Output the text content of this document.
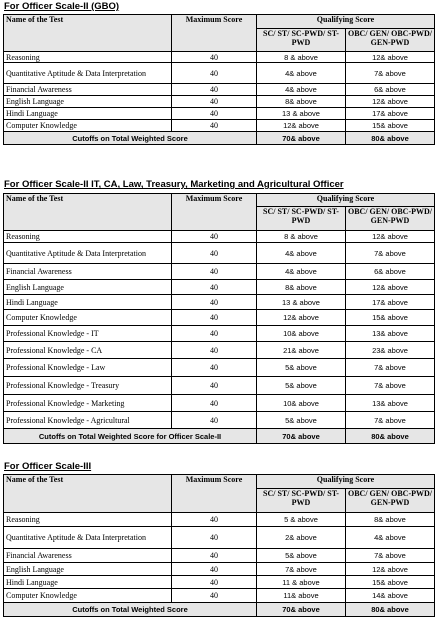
For Officer Scale-II (GBO)
Name of the Test	Maximum Score	Qualifying Score	
		SC/ ST/ SC-PWD/ ST-PWD	OBC/ GEN/ OBC-PWD/ GEN-PWD
Reasoning	40	8 & above	12& above
Quantitative Aptitude & Data Interpretation	40	4& above	7& above
Financial Awareness	40	4& above	6& above
English Language	40	8& above	12& above
Hindi Language	40	13 & above	17& above
Computer Knowledge	40	12& above	15& above
Cutoffs on Total Weighted Score		70& above	80& above
For Officer Scale-II IT, CA, Law, Treasury, Marketing and Agricultural Officer
Name of the Test	Maximum Score	Qualifying Score	
		SC/ ST/ SC-PWD/ ST-PWD	OBC/ GEN/ OBC-PWD/ GEN-PWD
Reasoning	40	8 & above	12& above
Quantitative Aptitude & Data Interpretation	40	4& above	7& above
Financial Awareness	40	4& above	6& above
English Language	40	8& above	12& above
Hindi Language	40	13 & above	17& above
Computer Knowledge	40	12& above	15& above
Professional Knowledge - IT	40	10& above	13& above
Professional Knowledge - CA	40	21& above	23& above
Professional Knowledge - Law	40	5& above	7& above
Professional Knowledge - Treasury	40	5& above	7& above
Professional Knowledge - Marketing	40	10& above	13& above
Professional Knowledge - Agricultural	40	5& above	7& above
Cutoffs on Total Weighted Score for Officer Scale-II		70& above	80& above
For Officer Scale-III
Name of the Test	Maximum Score	Qualifying Score	
		SC/ ST/ SC-PWD/ ST-PWD	OBC/ GEN/ OBC-PWD/ GEN-PWD
Reasoning	40	5 & above	8& above
Quantitative Aptitude & Data Interpretation	40	2& above	4& above
Financial Awareness	40	5& above	7& above
English Language	40	7& above	12& above
Hindi Language	40	11 & above	15& above
Computer Knowledge	40	11& above	14& above
Cutoffs on Total Weighted Score		70& above	80& above
